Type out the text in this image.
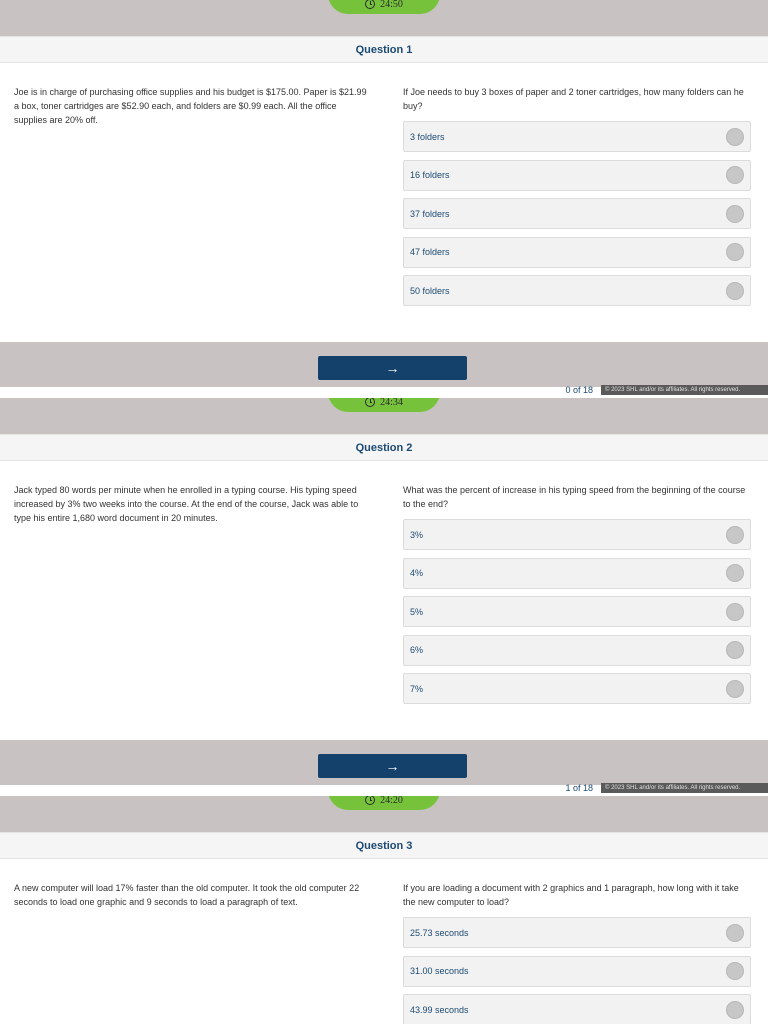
24:50
Question 1
Joe is in charge of purchasing office supplies and his budget is $175.00. Paper is $21.99 a box, toner cartridges are $52.90 each, and folders are $0.99 each. All the office supplies are 20% off.
If Joe needs to buy 3 boxes of paper and 2 toner cartridges, how many folders can he buy?
3 folders
16 folders
37 folders
47 folders
50 folders
→
0 of 18	© 2023 SHL and/or its affiliates. All rights reserved.
24:34
Question 2
Jack typed 80 words per minute when he enrolled in a typing course. His typing speed increased by 3% two weeks into the course. At the end of the course, Jack was able to type his entire 1,680 word document in 20 minutes.
What was the percent of increase in his typing speed from the beginning of the course to the end?
3%
4%
5%
6%
7%
→
1 of 18	© 2023 SHL and/or its affiliates. All rights reserved.
24:20
Question 3
A new computer will load 17% faster than the old computer. It took the old computer 22 seconds to load one graphic and 9 seconds to load a paragraph of text.
If you are loading a document with 2 graphics and 1 paragraph, how long with it take the new computer to load?
25.73 seconds
31.00 seconds
43.99 seconds
